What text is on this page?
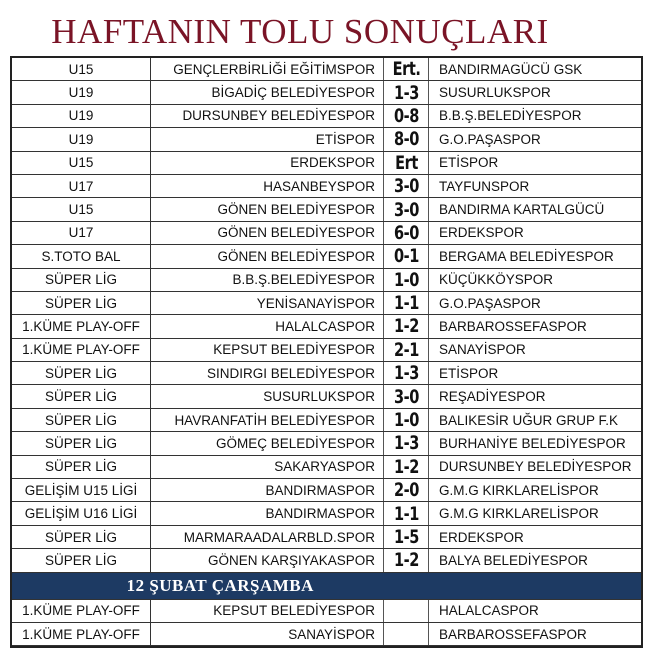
HAFTANIN TOLU SONUÇLARI
U15	GENÇLERBİRLİĞİ EĞİTİMSPOR	Ert.	BANDIRMAGÜCÜ GSK
U19	BİGADİÇ BELEDİYESPOR	1-3	SUSURLUKSPOR
U19	DURSUNBEY BELEDİYESPOR	0-8	B.B.Ş.BELEDİYESPOR
U19	ETİSPOR	8-0	G.O.PAŞASPOR
U15	ERDEKSPOR	Ert	ETİSPOR
U17	HASANBEYSPOR	3-0	TAYFUNSPOR
U15	GÖNEN BELEDİYESPOR	3-0	BANDIRMA KARTALGÜCÜ
U17	GÖNEN BELEDİYESPOR	6-0	ERDEKSPOR
S.TOTO BAL	GÖNEN BELEDİYESPOR	0-1	BERGAMA BELEDİYESPOR
SÜPER LİG	B.B.Ş.BELEDİYESPOR	1-0	KÜÇÜKKÖYSPOR
SÜPER LİG	YENİSANAYİSPOR	1-1	G.O.PAŞASPOR
1.KÜME PLAY-OFF	HALALCASPOR	1-2	BARBAROSSEFASPOR
1.KÜME PLAY-OFF	KEPSUT BELEDİYESPOR	2-1	SANAYİSPOR
SÜPER LİG	SINDIRGI BELEDİYESPOR	1-3	ETİSPOR
SÜPER LİG	SUSURLUKSPOR	3-0	REŞADİYESPOR
SÜPER LİG	HAVRANFATİH BELEDİYESPOR	1-0	BALIKESİR UĞUR GRUP F.K
SÜPER LİG	GÖMEÇ BELEDİYESPOR	1-3	BURHANİYE BELEDİYESPOR
SÜPER LİG	SAKARYASPOR	1-2	DURSUNBEY BELEDİYESPOR
GELİŞİM U15 LİGİ	BANDIRMASPOR	2-0	G.M.G KIRKLARELİSPOR
GELİŞİM U16 LİGİ	BANDIRMASPOR	1-1	G.M.G KIRKLARELİSPOR
SÜPER LİG	MARMARAADALARBLD.SPOR	1-5	ERDEKSPOR
SÜPER LİG	GÖNEN KARŞIYAKASPOR	1-2	BALYA BELEDİYESPOR
12 ŞUBAT ÇARŞAMBA			
1.KÜME PLAY-OFF	KEPSUT BELEDİYESPOR		HALALCASPOR
1.KÜME PLAY-OFF	SANAYİSPOR		BARBAROSSEFASPOR
